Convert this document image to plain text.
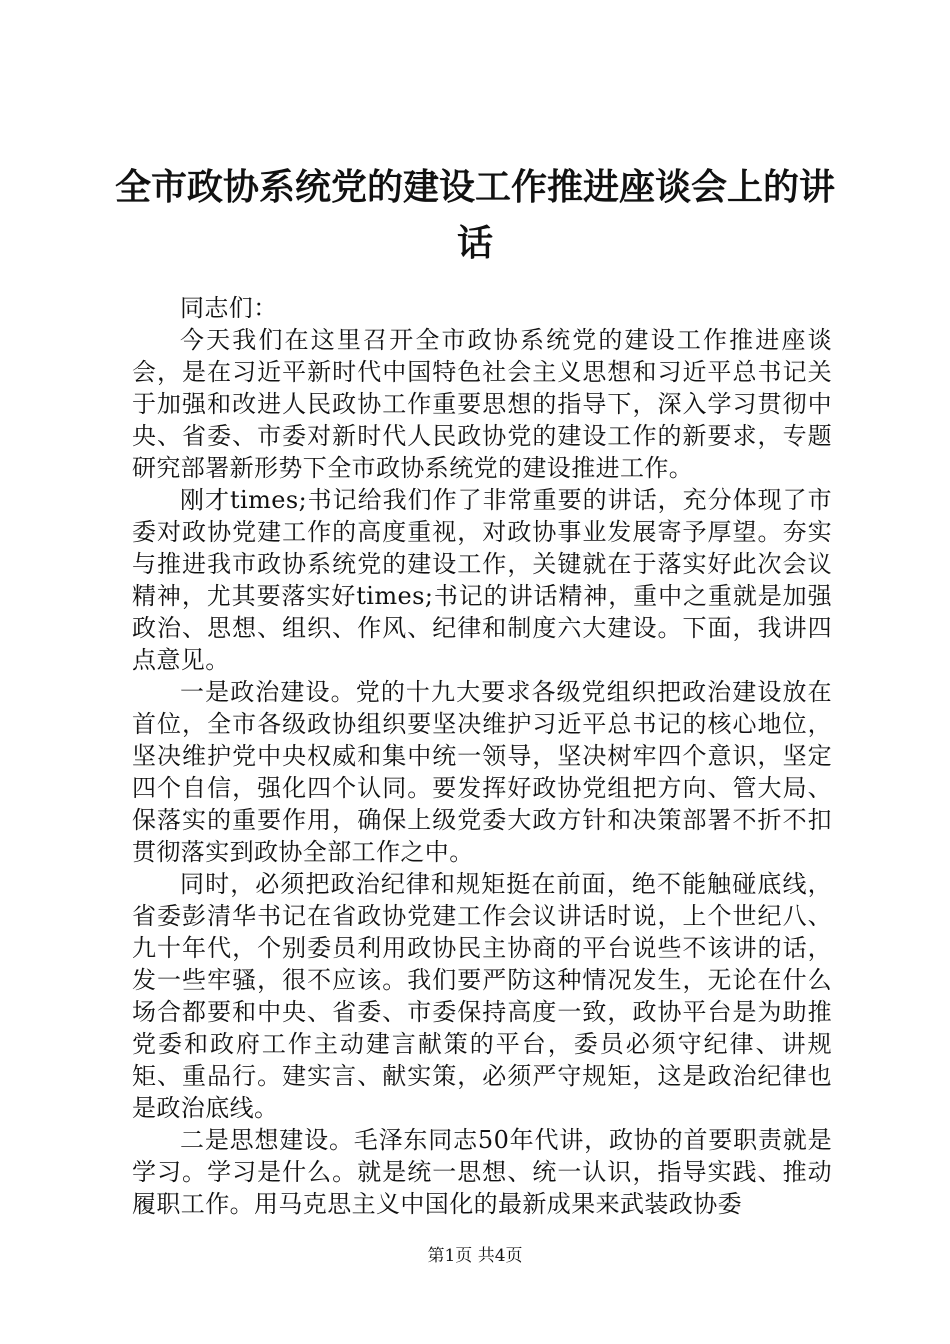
全市政协系统党的建设工作推进座谈会上的讲话

同志们：

今天我们在这里召开全市政协系统党的建设工作推进座谈会，是在习近平新时代中国特色社会主义思想和习近平总书记关于加强和改进人民政协工作重要思想的指导下，深入学习贯彻中央、省委、市委对新时代人民政协党的建设工作的新要求，专题研究部署新形势下全市政协系统党的建设推进工作。

刚才times;书记给我们作了非常重要的讲话，充分体现了市委对政协党建工作的高度重视，对政协事业发展寄予厚望。夯实与推进我市政协系统党的建设工作，关键就在于落实好此次会议精神，尤其要落实好times;书记的讲话精神，重中之重就是加强政治、思想、组织、作风、纪律和制度六大建设。下面，我讲四点意见。

一是政治建设。党的十九大要求各级党组织把政治建设放在首位，全市各级政协组织要坚决维护习近平总书记的核心地位，坚决维护党中央权威和集中统一领导，坚决树牢四个意识，坚定四个自信，强化四个认同。要发挥好政协党组把方向、管大局、保落实的重要作用，确保上级党委大政方针和决策部署不折不扣贯彻落实到政协全部工作之中。

同时，必须把政治纪律和规矩挺在前面，绝不能触碰底线，省委彭清华书记在省政协党建工作会议讲话时说，上个世纪八、九十年代，个别委员利用政协民主协商的平台说些不该讲的话，发一些牢骚，很不应该。我们要严防这种情况发生，无论在什么场合都要和中央、省委、市委保持高度一致，政协平台是为助推党委和政府工作主动建言献策的平台，委员必须守纪律、讲规矩、重品行。建实言、献实策，必须严守规矩，这是政治纪律也是政治底线。

二是思想建设。毛泽东同志50年代讲，政协的首要职责就是学习。学习是什么。就是统一思想、统一认识，指导实践、推动履职工作。用马克思主义中国化的最新成果来武装政协委

第1页 共4页
